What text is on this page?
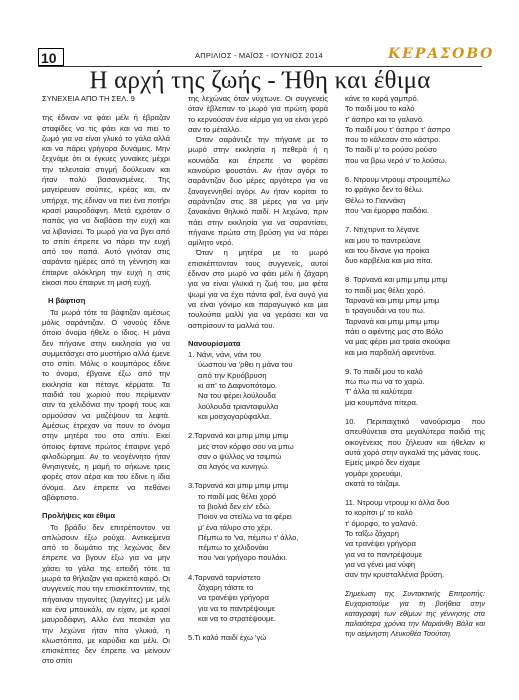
10	ΑΠΡΙΛΙΟΣ - ΜΑΪΟΣ - ΙΟΥΝΙΟΣ 2014	ΚΕΡΑΣΟΒΟ
Η αρχή της ζωής - Ήθη και έθιμα

ΣΥΝΕΧΕΙΑ ΑΠΟ ΤΗ ΣΕΛ. 9

της έδιναν να φάει μέλι ή έβραζαν σταφίδες να τις φάει και να πιει το ζωμό για να είναι γλυκό το γάλα αλλά και να πάρει γρήγορα δυνάμεις. Μην ξεχνάμε ότι οι έγκυες γυναίκες μέχρι την τελευταία στιγμή δούλευαν και ήταν πολύ βασανισμένες. Της μαγείρευαν σούπες, κρέας και, αν υπήρχε, της έδιναν να πιει ένα ποτήρι κρασί μαυροδάφνη. Μετά εχρόταν ο παπάς για να διαβάσει την ευχή και να λιβανίσει. Το μωρό για να βγει από το σπίτι έπρεπε να πάρει την ευχή από τον παπά. Αυτό γινόταν στις σαράντα ημέρες από τη γέννηση και έπαιρνε ολόκληρη την ευχή η στις είκοσι που έπαιρνε τη μισή ευχή.

Η βάφτιση

Τα μωρά τότε τα βάφτιζαν αμέσως μόλις σαράντιζαν. Ο νονούς έδινε όποιο όνομα ήθελε ο ίδιος. Η μάνα δεν πήγαινε στην εκκλησία για να συμμετάσχει στο μυστήριο αλλά έμενε στο σπίτι. Μόλις ο κουμπάρος έδινε το όνομα, έβγαινε έξω από την εκκλησία και πέταγε κέρματα. Τα παιδιά του χωριού που περίμεναν σαν τα χελιδόνια την τροφή τους και ορμούσαν να μαζέψουν τα λεφτά. Αμέσως έτρεχαν να πουν το όνομα στην μητέρα του στο σπίτι. Εκεί όποιος έφτανε πρώτος έπαιρνε γερό φιλοδώρημα. Αν το νεογέννητο ήταν θνησιγενές, η μαμή το σήκωνε τρεις φορές στον αέρα και του έδινε η ίδια όνομα. Δεν έπρεπε να πεθάνει αβάφτιστο.

Προλήψεις και έθιμα

Το βράδυ δεν επιτρέποντον να απλώσουν έξω ρούχα. Αντικείμενα από το δωμάτιο της λεχώνας δεν έπρεπε να βγουν έξω για να μην χάσει το γάλα της επειδή τότε τα μωρά τα θήλαζαν για αρκετό καιρό. Οι συγγενείς που την επισκέπτονταν, της πήγαιναν τηγανίτες (λαγγίτες) με μέλι και ένα μπουκάλι, αν είχαν, με κρασί μαυροδάφνη. Αλλο ένα πεσκέσι για την λεχώνα ήταν πίτα γλυκιά, η κλωστόπιτα, με καρύδια και μέλι. Οι επισκέπτες δεν έπρεπε να μείνουν στο σπίτι

της λεχώνας όταν νύχτωνε. Οι συγγενείς όταν έβλεπαν το μωρό για πρώτη φορά το κερνούσαν ένα κέρμα για να είναι γερό σαν το μέταλλο.

Όταν σαράντιζε την πήγαινε με το μωρό στην εκκλησία η πεθερά ή η κουνιάδα και έπρεπε να φορέσει καινούριο φουστάνι. Αν ήταν αγόρι το σαράντιζαν δυο μέρες αργότερα για να ξαναγεννηθεί αγόρι. Αν ήταν κορίτσι το σαράντιζαν στις 38 μέρες για να μην ξανακάνει θηλυκό παιδί. Η λεχώνα, πριν πάει στην εκκλησία για να σαραντίσει, πήγαινε πρώτα στη βρύση για να πάρει αμίλητο νερό.

Όταν η μητέρα με το μωρό επισκέπτονταν τους συγγενείς, αυτοί έδιναν στο μωρό να φάει μέλι ή ζάχαρη για να είναι γλυκιά η ζωή του, μια φέτα ψωμί για να έχει πάντα φαΐ, ένα αυγό για να είναι γόνιμο και παραγωγικό και μια τουλούπα μαλλί για να γεράσει και να ασπρίσουν τα μαλλιά του.

Νανουρίσματα

1. Νάνι, νάνι, νάνι του

ύωσπου να 'ρθει η μάνα του

από την Κρυόβρυση

κι απ' το Δαφνοπόταμο.

Να του φέρει λούλουδα

λούλουδα τριανταφυλλα

και μοσχογαρύφαλλα.

2.Ταρνανά και μπιμ μπιμ μπιμ

μες στον κόρφο σου να μπω

σαν ο ψύλλος να τσιμπώ

σα λαγός να κυνηγώ.

3.Ταρνανά και μπιμ μπιμ μπιμ

το παιδί μας θέλει χορό

τα βιολιά δεν είν' εδώ.

Ποιον να στείλω να τα φέρει

μ' ένα τάλιρο στο χέρι.

Πέμπω το 'να, πέμπω τ' άλλο,

πέμπω το χελιδονάκι

που 'ναι γρήγορο πουλάκι.

4.Ταρνανά ταρνίστετο

ζάχαρη τάϊστε το

να τρανέψει γρήγορα

για να το παντρέψουμε

και να το στρατέψουμε.

5.Τι καλό παιδί έχω 'γώ

κάνε το κυρά γαμπρό.

Το παιδί μου το καλό

τ' άσπρο και το γαλανό.

Το παιδί μου τ' άσπρο τ' άσπρο

που το κάλεσαν στο κάστρο.

Το παιδί μ' το ρούσο ρούσο

που να βρω νερό ν' το λούσω.

6. Ντρουμ ντρουμ στρουμπέλω

το φράγκο δεν το θέλω.

Θέλω το Γιαννάκη

που 'ναι έμορφο παιδάκι.

7. Ντιχτιρνιτ το λέγανε

και μου το παντρεύανε

και του δίνανε για προίκα

δυο καρβέλια και μια πίτα.

8. Ταρνανά και μπιμ μπιμ μπιμ

το παιδί μας θέλει χορό.

Ταρνανά και μπιμ μπιμ μπιμ

τι τραγουδάι να του πω.

Ταρνανά και μπιμ μπιμ μπιμ

πάει ο αφέντης μας στο Βόλο

να μας φέρει μια τραία σκούφια

και μια παρδαλή αφεντόνα.

9. Το παιδί μου το καλό

πω πω πω να το χαρώ.

Τ' άλλα τα καλύτερα

μια κουμπάνα πίτερα.

10. Περιπαιχτικό νανούρισμα που απευθύνεται στα μεγαλύτερα παιδιά της οικογένειας που ζήλευαν και ήθελαν κι αυτά χορό στην αγκαλιά της μάνας τους.

Εμείς μικρό δεν είχαμε

γομάρι χορευάμι,

σκατά το τάιζαμι.

11. Ντρουμ ντρουμ κι άλλα δυο

το κορίτσι μ' το καλό

τ' όμορφο, το γαλανό.

Το ταΐζω ζάχαρη

να τρανέψει γρήγορα

για να το παντρέψουμε

για να γένει μια νύφη

σαν την κρυσταλλένια βρύση.

Σημείωση της Συντακτικής Επιτροπής: Ευχαριστούμε για τη βοήθεια στην καταγραφή των εθίμων της γέννησης στα παλαιότερα χρόνια την Μαριάνθη Βάλα και την αείμνηστη Λευκοθέα Τσούτση.
